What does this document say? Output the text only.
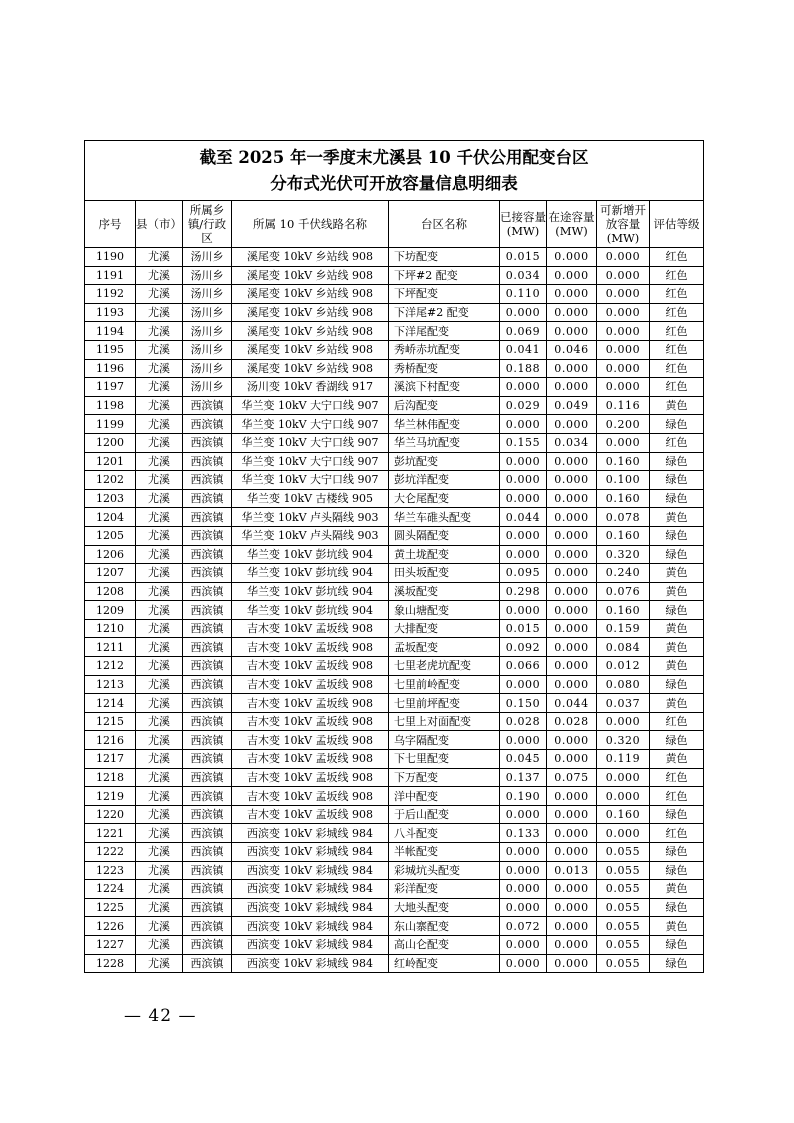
截至 2025 年一季度末尤溪县 10 千伏公用配变台区
分布式光伏可开放容量信息明细表								

序号	县（市）	所属乡镇/行政区	所属 10 千伏线路名称	台区名称	已接容量(MW)	在途容量(MW)	可新增开放容量(MW)	评估等级
1190	尤溪	汤川乡	溪尾变 10kV 乡站线 908	下坊配变	0.015	0.000	0.000	红色
1191	尤溪	汤川乡	溪尾变 10kV 乡站线 908	下坪#2 配变	0.034	0.000	0.000	红色
1192	尤溪	汤川乡	溪尾变 10kV 乡站线 908	下坪配变	0.110	0.000	0.000	红色
1193	尤溪	汤川乡	溪尾变 10kV 乡站线 908	下洋尾#2 配变	0.000	0.000	0.000	红色
1194	尤溪	汤川乡	溪尾变 10kV 乡站线 908	下洋尾配变	0.069	0.000	0.000	红色
1195	尤溪	汤川乡	溪尾变 10kV 乡站线 908	秀峤赤坑配变	0.041	0.046	0.000	红色
1196	尤溪	汤川乡	溪尾变 10kV 乡站线 908	秀桥配变	0.188	0.000	0.000	红色
1197	尤溪	汤川乡	汤川变 10kV 香湖线 917	溪滨下村配变	0.000	0.000	0.000	红色
1198	尤溪	西滨镇	华兰变 10kV 大宁口线 907	后沟配变	0.029	0.049	0.116	黄色
1199	尤溪	西滨镇	华兰变 10kV 大宁口线 907	华兰林伟配变	0.000	0.000	0.200	绿色
1200	尤溪	西滨镇	华兰变 10kV 大宁口线 907	华兰马坑配变	0.155	0.034	0.000	红色
1201	尤溪	西滨镇	华兰变 10kV 大宁口线 907	彭坑配变	0.000	0.000	0.160	绿色
1202	尤溪	西滨镇	华兰变 10kV 大宁口线 907	彭坑洋配变	0.000	0.000	0.100	绿色
1203	尤溪	西滨镇	华兰变 10kV 古楼线 905	大仑尾配变	0.000	0.000	0.160	绿色
1204	尤溪	西滨镇	华兰变 10kV 卢头隔线 903	华兰车碓头配变	0.044	0.000	0.078	黄色
1205	尤溪	西滨镇	华兰变 10kV 卢头隔线 903	圆头隔配变	0.000	0.000	0.160	绿色
1206	尤溪	西滨镇	华兰变 10kV 彭坑线 904	黄土垅配变	0.000	0.000	0.320	绿色
1207	尤溪	西滨镇	华兰变 10kV 彭坑线 904	田头坂配变	0.095	0.000	0.240	黄色
1208	尤溪	西滨镇	华兰变 10kV 彭坑线 904	溪坂配变	0.298	0.000	0.076	黄色
1209	尤溪	西滨镇	华兰变 10kV 彭坑线 904	象山塘配变	0.000	0.000	0.160	绿色
1210	尤溪	西滨镇	吉木变 10kV 孟坂线 908	大排配变	0.015	0.000	0.159	黄色
1211	尤溪	西滨镇	吉木变 10kV 孟坂线 908	孟坂配变	0.092	0.000	0.084	黄色
1212	尤溪	西滨镇	吉木变 10kV 孟坂线 908	七里老虎坑配变	0.066	0.000	0.012	黄色
1213	尤溪	西滨镇	吉木变 10kV 孟坂线 908	七里前岭配变	0.000	0.000	0.080	绿色
1214	尤溪	西滨镇	吉木变 10kV 孟坂线 908	七里前坪配变	0.150	0.044	0.037	黄色
1215	尤溪	西滨镇	吉木变 10kV 孟坂线 908	七里上对面配变	0.028	0.028	0.000	红色
1216	尤溪	西滨镇	吉木变 10kV 孟坂线 908	乌字隔配变	0.000	0.000	0.320	绿色
1217	尤溪	西滨镇	吉木变 10kV 孟坂线 908	下七里配变	0.045	0.000	0.119	黄色
1218	尤溪	西滨镇	吉木变 10kV 孟坂线 908	下万配变	0.137	0.075	0.000	红色
1219	尤溪	西滨镇	吉木变 10kV 孟坂线 908	洋中配变	0.190	0.000	0.000	红色
1220	尤溪	西滨镇	吉木变 10kV 孟坂线 908	于后山配变	0.000	0.000	0.160	绿色
1221	尤溪	西滨镇	西滨变 10kV 彩城线 984	八斗配变	0.133	0.000	0.000	红色
1222	尤溪	西滨镇	西滨变 10kV 彩城线 984	半帐配变	0.000	0.000	0.055	绿色
1223	尤溪	西滨镇	西滨变 10kV 彩城线 984	彩城坑头配变	0.000	0.013	0.055	绿色
1224	尤溪	西滨镇	西滨变 10kV 彩城线 984	彩洋配变	0.000	0.000	0.055	黄色
1225	尤溪	西滨镇	西滨变 10kV 彩城线 984	大地头配变	0.000	0.000	0.055	绿色
1226	尤溪	西滨镇	西滨变 10kV 彩城线 984	东山寨配变	0.072	0.000	0.055	黄色
1227	尤溪	西滨镇	西滨变 10kV 彩城线 984	高山仑配变	0.000	0.000	0.055	绿色
1228	尤溪	西滨镇	西滨变 10kV 彩城线 984	红岭配变	0.000	0.000	0.055	绿色
— 42 —
